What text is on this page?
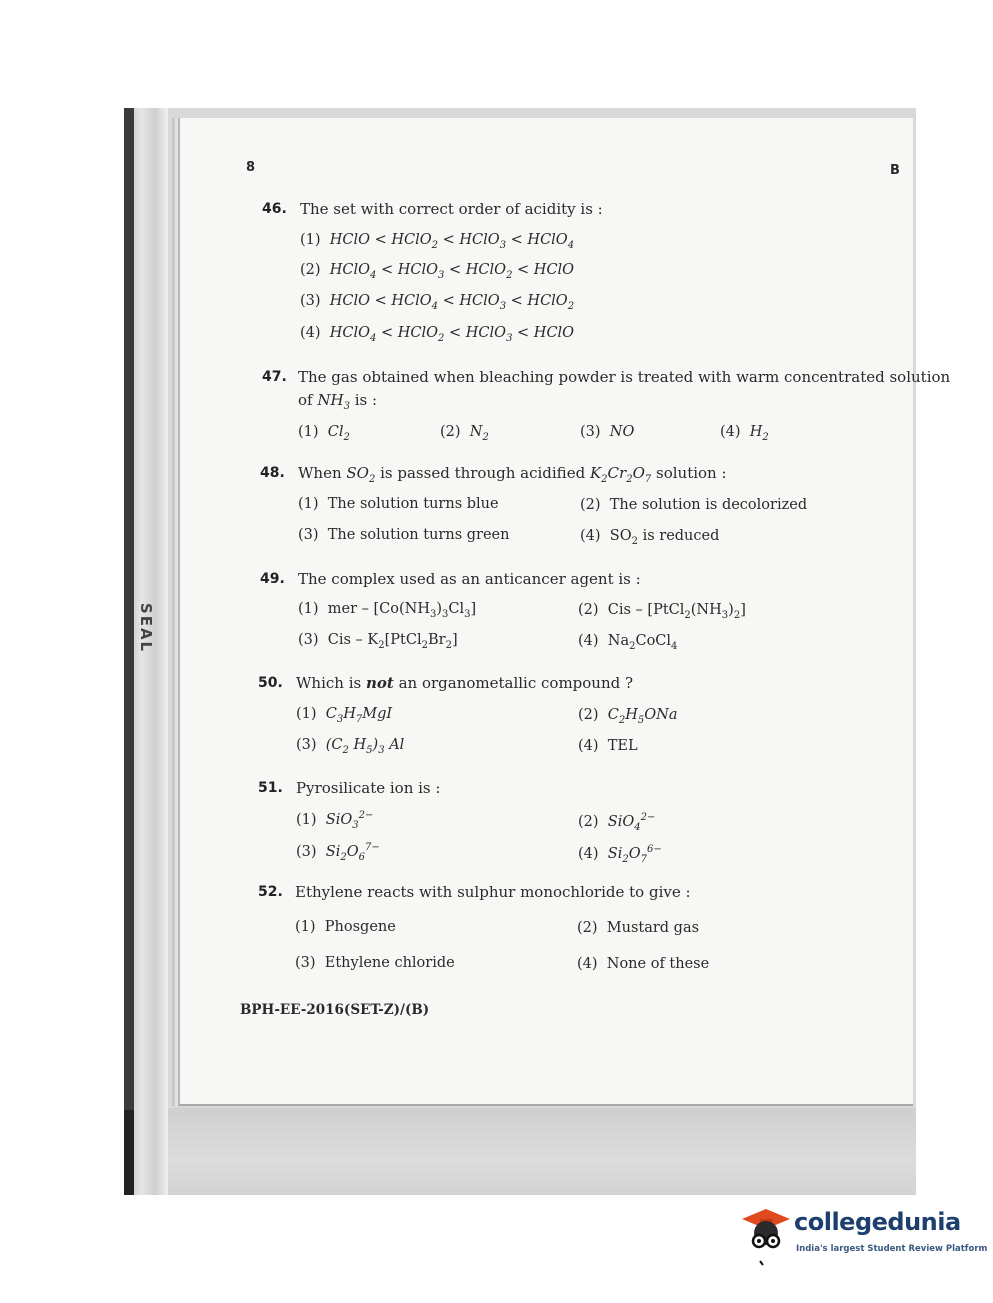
SEAL
8	B
46. The set with correct order of acidity is :
(1) HClO < HClO$_2$ < HClO$_3$ < HClO$_4$
(2) HClO$_4$ < HClO$_3$ < HClO$_2$ < HClO
(3) HClO < HClO$_4$ < HClO$_3$ < HClO$_2$
(4) HClO$_4$ < HClO$_2$ < HClO$_3$ < HClO
47. The gas obtained when bleaching powder is treated with warm concentrated solution
of $NH_3$ is :
(1) $Cl_2$	(2) $N_2$	(3) NO	(4) $H_2$
48. When $SO_2$ is passed through acidified $K_2Cr_2O_7$ solution :
(1) The solution turns blue	(2) The solution is decolorized
(3) The solution turns green	(4)  $SO_2$ is reduced
49. The complex used as an anticancer agent is :
(1)  mer – $[Co(NH_3)_3Cl_3]$	(2)  Cis – $[PtCl_2(NH_3)_2]$
(3)  Cis – $K_2[PtCl_2Br_2]$	(4)  $Na_2CoCl_4$
50. Which is not an organometallic compound ?
(1) $C_3H_7MgI$	(2) $C_2H_5ONa$
(3) ($C_2$ $H_5)_3$ Al	(4) TEL
51. Pyrosilicate ion is :
(1) SiO$_3^{2-}$	(2) SiO$_4^{2-}$
(3) $Si_2O_6^{7-}$	(4) $Si_2O_7^{6-}$
52. Ethylene reacts with sulphur monochloride to give :
(1) Phosgene	(2) Mustard gas
(3) Ethylene chloride	(4) None of these
BPH-EE-2016(SET-Z)/(B)
collegedunia
India's largest Student Review Platform
